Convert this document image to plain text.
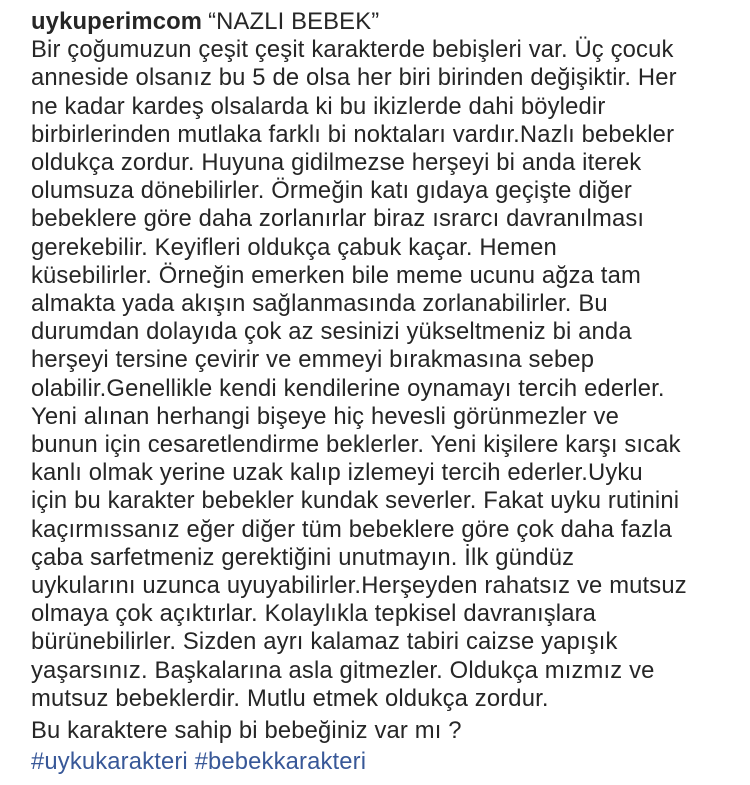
uykuperimcom “NAZLI BEBEK”
Bir çoğumuzun çeşit çeşit karakterde bebişleri var. Üç çocuk
anneside olsanız bu 5 de olsa her biri birinden değişiktir. Her
ne kadar kardeş olsalarda ki bu ikizlerde dahi böyledir
birbirlerinden mutlaka farklı bi noktaları vardır.Nazlı bebekler
oldukça zordur. Huyuna gidilmezse herşeyi bi anda iterek
olumsuza dönebilirler. Örmeğin katı gıdaya geçişte diğer
bebeklere göre daha zorlanırlar biraz ısrarcı davranılması
gerekebilir. Keyifleri oldukça çabuk kaçar. Hemen
küsebilirler. Örneğin emerken bile meme ucunu ağza tam
almakta yada akışın sağlanmasında zorlanabilirler. Bu
durumdan dolayıda çok az sesinizi yükseltmeniz bi anda
herşeyi tersine çevirir ve emmeyi bırakmasına sebep
olabilir.Genellikle kendi kendilerine oynamayı tercih ederler.
Yeni alınan herhangi bişeye hiç hevesli görünmezler ve
bunun için cesaretlendirme beklerler. Yeni kişilere karşı sıcak
kanlı olmak yerine uzak kalıp izlemeyi tercih ederler.Uyku
için bu karakter bebekler kundak severler. Fakat uyku rutinini
kaçırmıssanız eğer diğer tüm bebeklere göre çok daha fazla
çaba sarfetmeniz gerektiğini unutmayın. İlk gündüz
uykularını uzunca uyuyabilirler.Herşeyden rahatsız ve mutsuz
olmaya çok açıktırlar. Kolaylıkla tepkisel davranışlara
bürünebilirler. Sizden ayrı kalamaz tabiri caizse yapışık
yaşarsınız. Başkalarına asla gitmezler. Oldukça mızmız ve
mutsuz bebeklerdir. Mutlu etmek oldukça zordur.
Bu karaktere sahip bi bebeğiniz var mı ?
#uykukarakteri #bebekkarakteri
